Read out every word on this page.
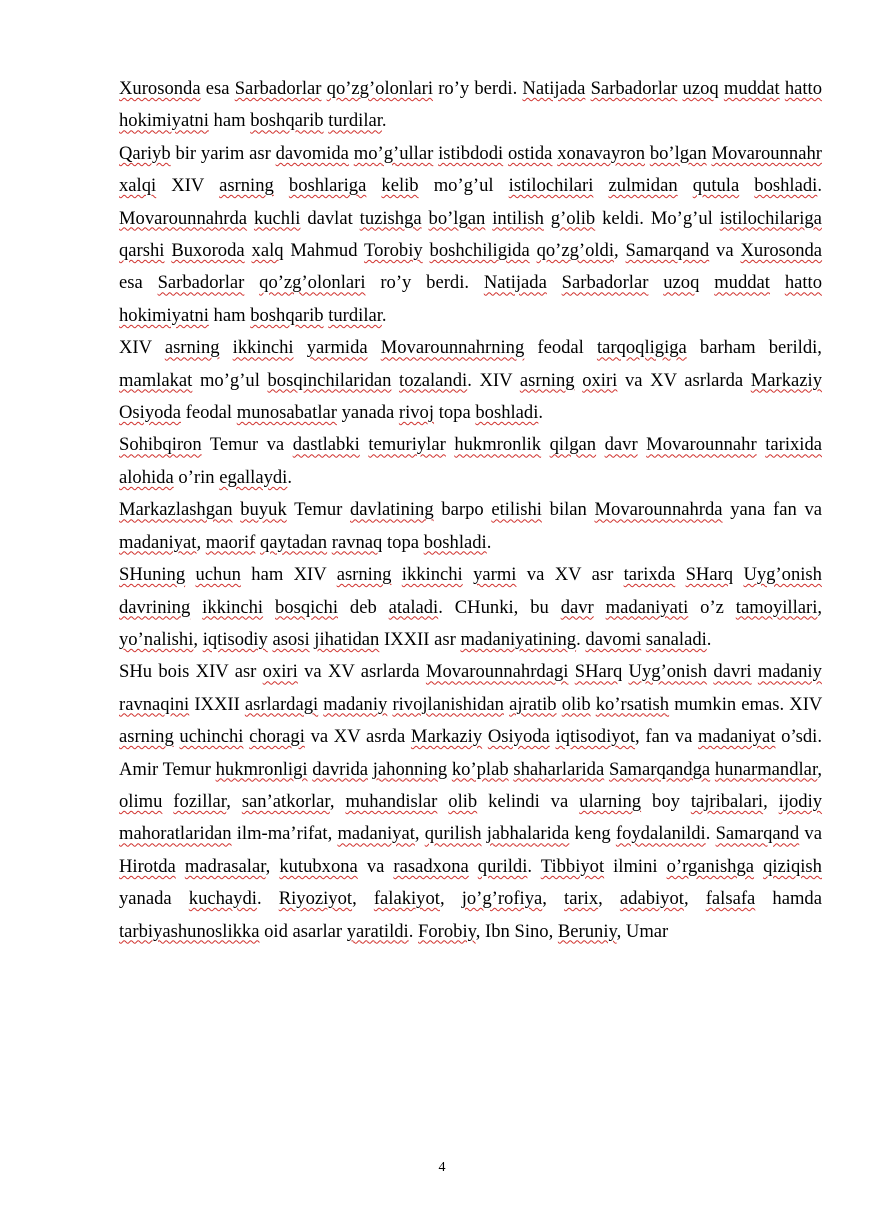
Xurosonda esa Sarbadorlar qo’zg’olonlari ro’y berdi. Natijada Sarbadorlar uzoq muddat hatto hokimiyatni ham boshqarib turdilar.

Qariyb bir yarim asr davomida mo’g’ullar istibdodi ostida xonavayron bo’lgan Movarounnahr xalqi XIV asrning boshlariga kelib mo’g’ul istilochilari zulmidan qutula boshladi. Movarounnahrda kuchli davlat tuzishga bo’lgan intilish g’olib keldi. Mo’g’ul istilochilariga qarshi Buxoroda xalq Mahmud Torobiy boshchiligida qo’zg’oldi, Samarqand va Xurosonda esa Sarbadorlar qo’zg’olonlari ro’y berdi. Natijada Sarbadorlar uzoq muddat hatto hokimiyatni ham boshqarib turdilar.

XIV asrning ikkinchi yarmida Movarounnahrning feodal tarqoqligiga barham berildi, mamlakat mo’g’ul bosqinchilaridan tozalandi. XIV asrning oxiri va XV asrlarda Markaziy Osiyoda feodal munosabatlar yanada rivoj topa boshladi.

Sohibqiron Temur va dastlabki temuriylar hukmronlik qilgan davr Movarounnahr tarixida alohida o’rin egallaydi.

Markazlashgan buyuk Temur davlatining barpo etilishi bilan Movarounnahrda yana fan va madaniyat, maorif qaytadan ravnaq topa boshladi.

SHuning uchun ham XIV asrning ikkinchi yarmi va XV asr tarixda SHarq Uyg’onish davrining ikkinchi bosqichi deb ataladi. CHunki, bu davr madaniyati o’z tamoyillari, yo’nalishi, iqtisodiy asosi jihatidan IXXII asr madaniyatining. davomi sanaladi.

SHu bois XIV asr oxiri va XV asrlarda Movarounnahrdagi SHarq Uyg’onish davri madaniy ravnaqini IXXII asrlardagi madaniy rivojlanishidan ajratib olib ko’rsatish mumkin emas. XIV asrning uchinchi choragi va XV asrda Markaziy Osiyoda iqtisodiyot, fan va madaniyat o’sdi. Amir Temur hukmronligi davrida jahonning ko’plab shaharlarida Samarqandga hunarmandlar, olimu fozillar, san’atkorlar, muhandislar olib kelindi va ularning boy tajribalari, ijodiy mahoratlaridan ilm-ma’rifat, madaniyat, qurilish jabhalarida keng foydalanildi. Samarqand va Hirotda madrasalar, kutubxona va rasadxona qurildi. Tibbiyot ilmini o’rganishga qiziqish yanada kuchaydi. Riyoziyot, falakiyot, jo’g’rofiya, tarix, adabiyot, falsafa hamda tarbiyashunoslikka oid asarlar yaratildi. Forobiy, Ibn Sino, Beruniy, Umar

4
